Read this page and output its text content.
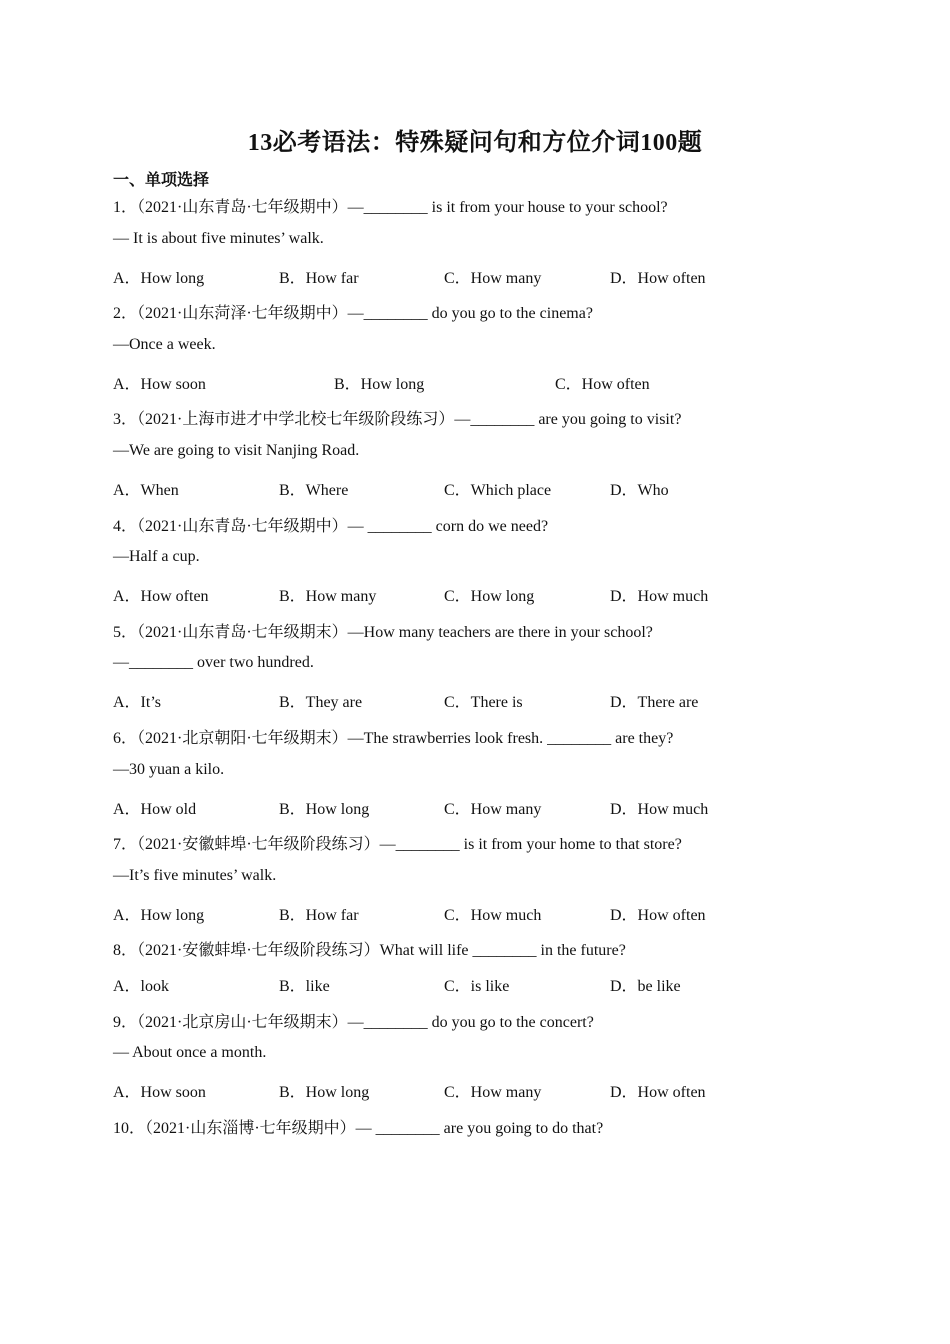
13必考语法：特殊疑问句和方位介词100题
一、单项选择
1．（2021·山东青岛·七年级期中）—________ is it from your house to your school?
— It is about five minutes’ walk.
A．How long	B．How far	C．How many	D．How often
2．（2021·山东菏泽·七年级期中）—________ do you go to the cinema?
—Once a week.
A．How soon	B．How long	C．How often
3．（2021·上海市进才中学北校七年级阶段练习）—________ are you going to visit?
—We are going to visit Nanjing Road.
A．When	B．Where	C．Which place	D．Who
4．（2021·山东青岛·七年级期中）— ________ corn do we need?
—Half a cup.
A．How often	B．How many	C．How long	D．How much
5．（2021·山东青岛·七年级期末）—How many teachers are there in your school?
—________ over two hundred.
A．It’s	B．They are	C．There is	D．There are
6．（2021·北京朝阳·七年级期末）—The strawberries look fresh. ________ are they?
—30 yuan a kilo.
A．How old	B．How long	C．How many	D．How much
7．（2021·安徽蚌埠·七年级阶段练习）—________ is it from your home to that store?
—It’s five minutes’ walk.
A．How long	B．How far	C．How much	D．How often
8．（2021·安徽蚌埠·七年级阶段练习）What will life ________ in the future?
A．look	B．like	C．is like	D．be like
9．（2021·北京房山·七年级期末）—________ do you go to the concert?
— About once a month.
A．How soon	B．How long	C．How many	D．How often
10．（2021·山东淄博·七年级期中）— ________ are you going to do that?
